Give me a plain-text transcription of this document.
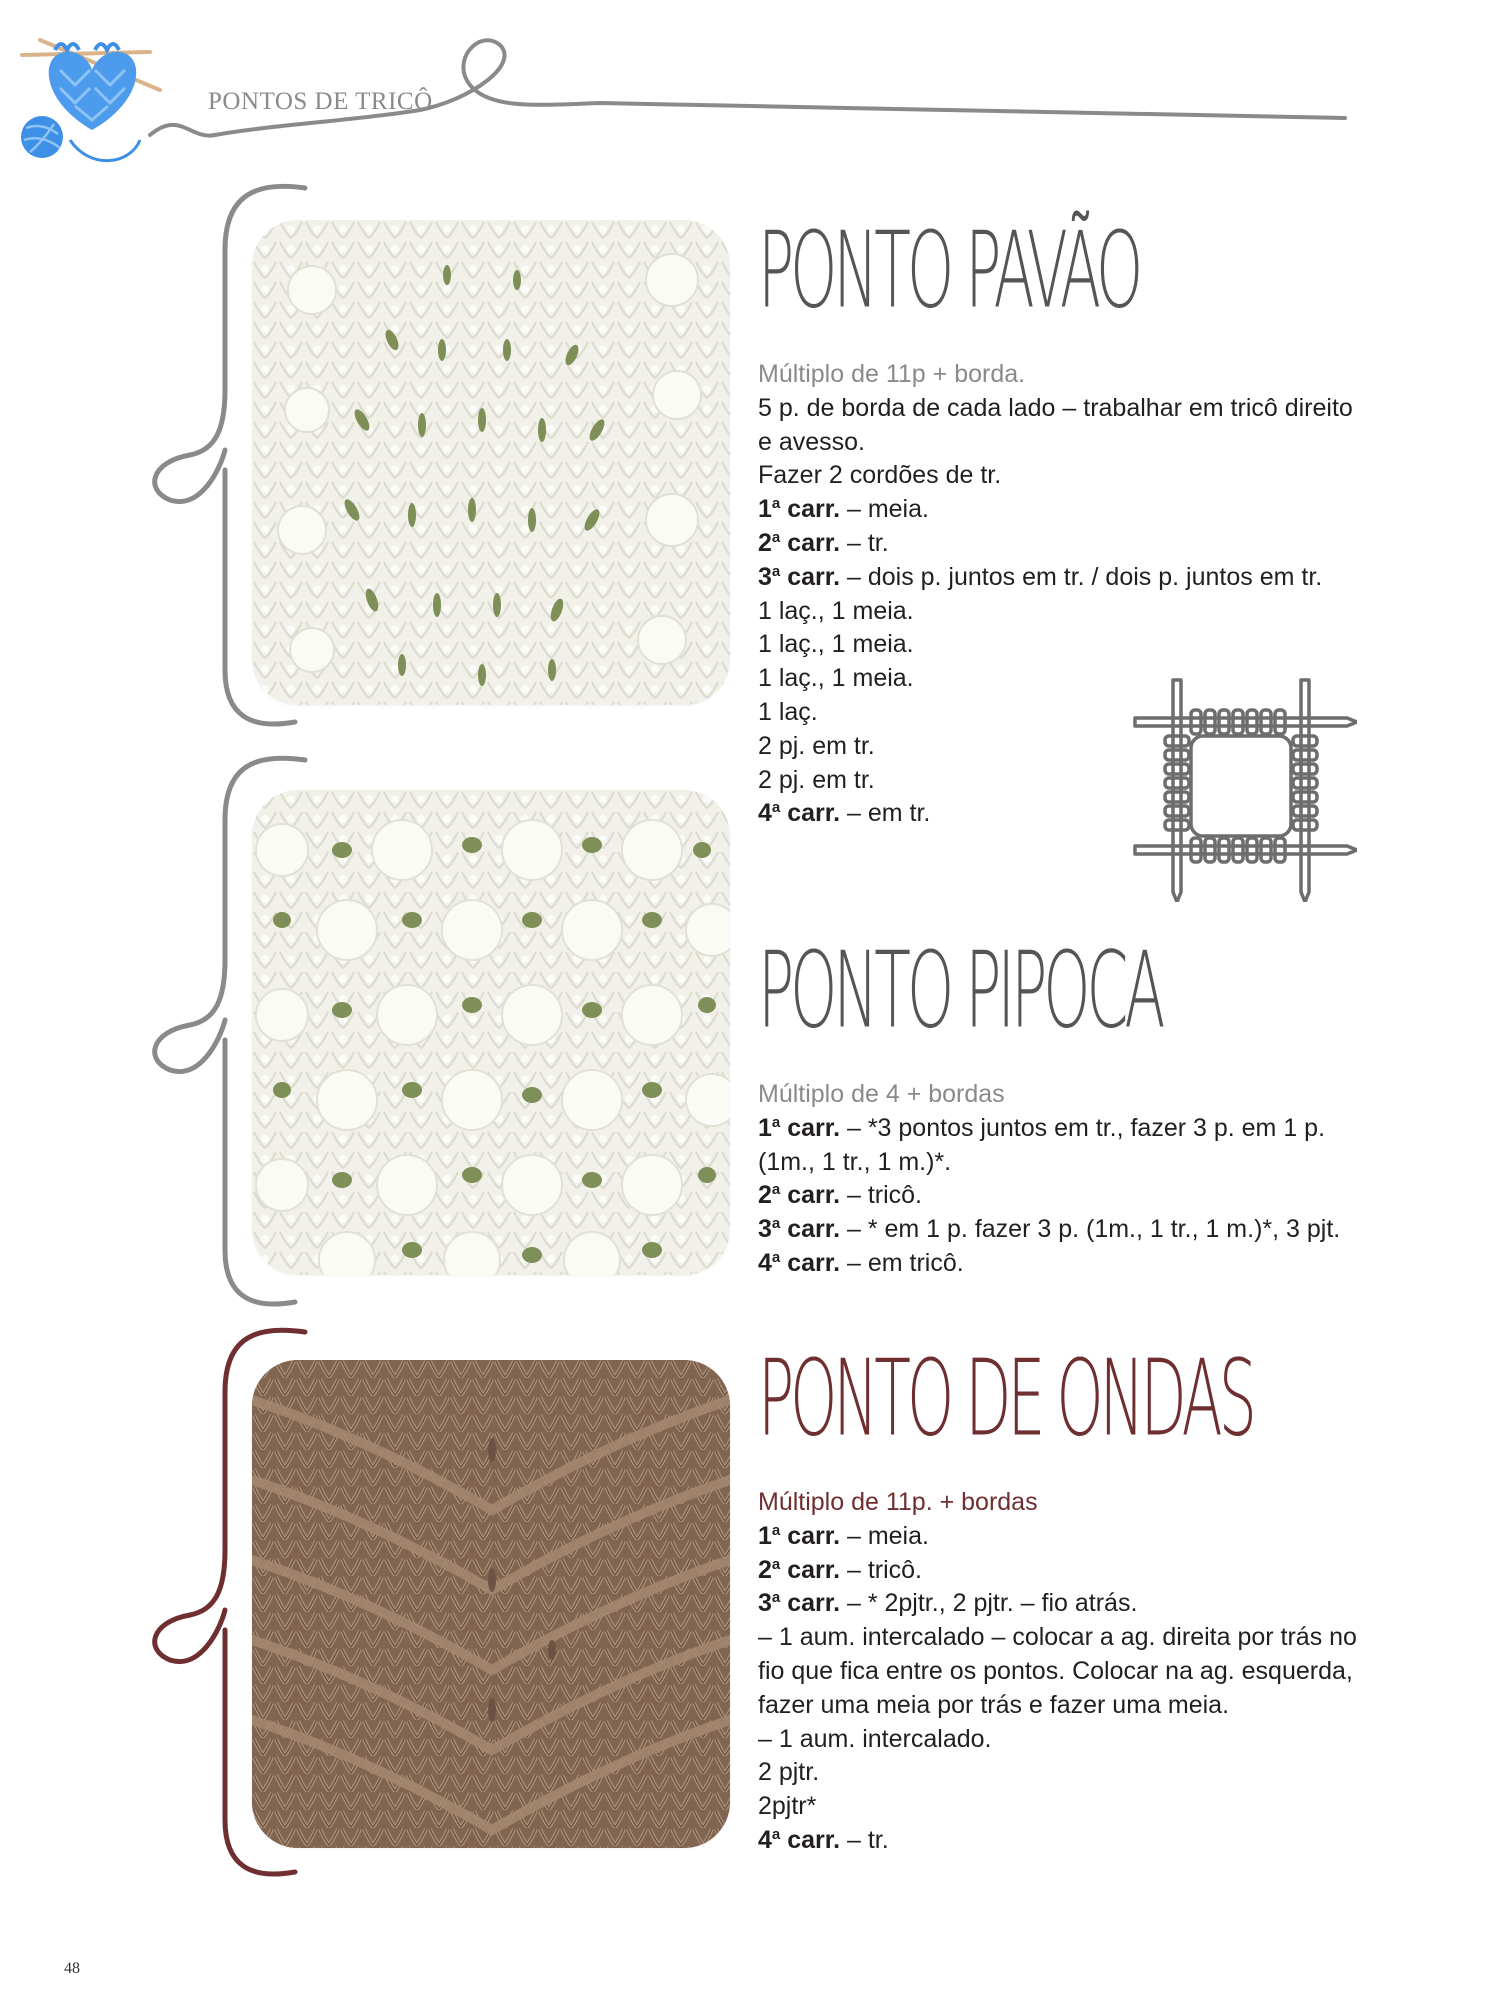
PONTOS DE TRICÔ
PONTO PAVÃO
PONTO PIPOCA
PONTO DE ONDAS
Múltiplo de 11p + borda.
5 p. de borda de cada lado – trabalhar em tricô direito
e avesso.
Fazer 2 cordões de tr.
1$^a$ carr. – meia.
2$^a$ carr. – tr.
3$^a$ carr. – dois p. juntos em tr. / dois p. juntos em tr.
1 laç., 1 meia.
1 laç., 1 meia.
1 laç., 1 meia.
1 laç.
2 pj. em tr.
2 pj. em tr.
4$^a$ carr. – em tr.
Múltiplo de 4 + bordas
1$^a$ carr. – *3 pontos juntos em tr., fazer 3 p. em 1 p.
(1m., 1 tr., 1 m.)*.
2$^a$ carr. – tricô.
3$^a$ carr. – * em 1 p. fazer 3 p. (1m., 1 tr., 1 m.)*, 3 pjt.
4$^a$ carr. – em tricô.
Múltiplo de 11p. + bordas
1$^a$ carr. – meia.
2$^a$ carr. – tricô.
3$^a$ carr. – * 2pjtr., 2 pjtr. – fio atrás.
– 1 aum. intercalado – colocar a ag. direita por trás no
fio que fica entre os pontos. Colocar na ag. esquerda,
fazer uma meia por trás e fazer uma meia.
– 1 aum. intercalado.
2 pjtr.
2pjtr*
4$^a$ carr. – tr.
48
